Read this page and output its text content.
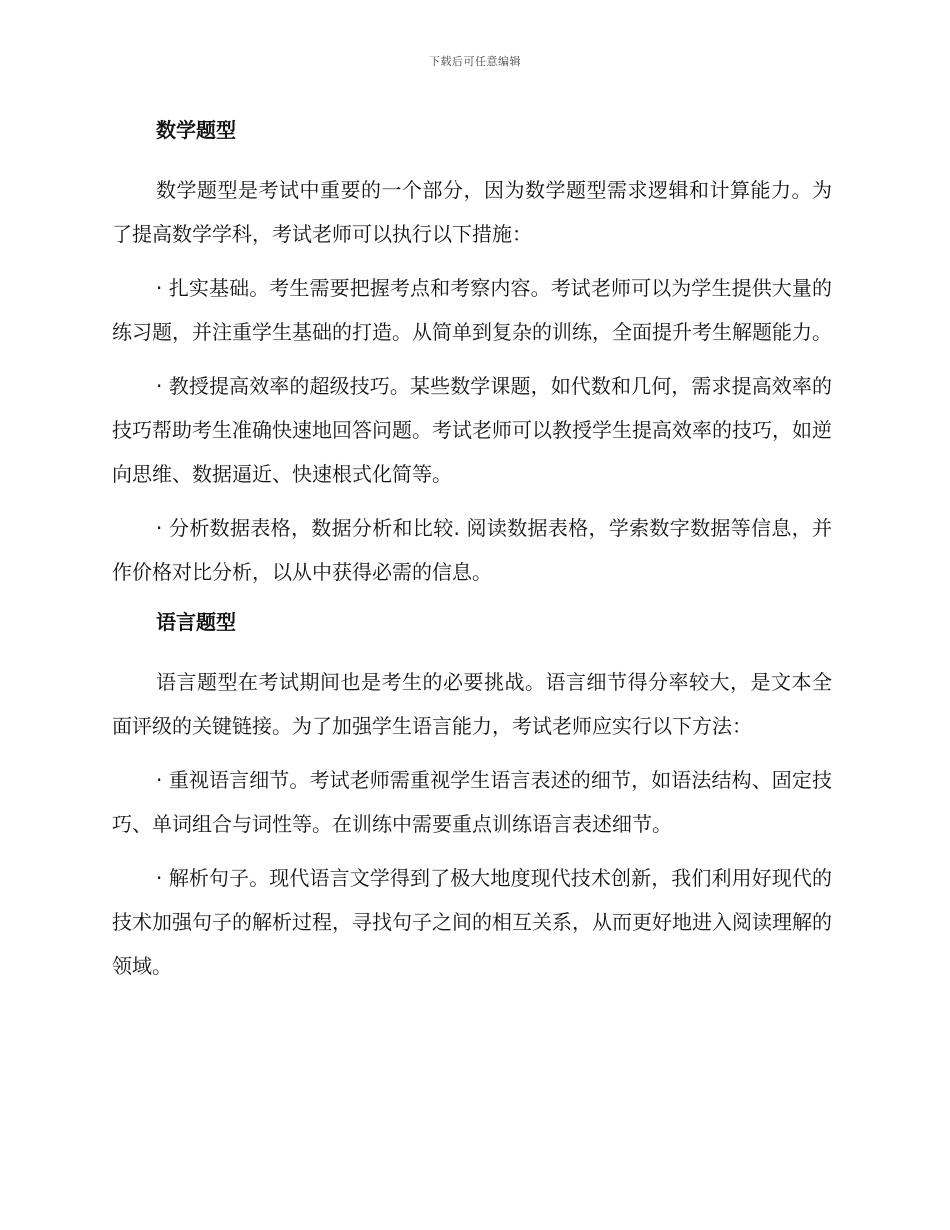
下载后可任意编辑
数学题型

数学题型是考试中重要的一个部分，因为数学题型需求逻辑和计算能力。为了提高数学学科，考试老师可以执行以下措施：

· 扎实基础。考生需要把握考点和考察内容。考试老师可以为学生提供大量的练习题，并注重学生基础的打造。从简单到复杂的训练，全面提升考生解题能力。

· 教授提高效率的超级技巧。某些数学课题，如代数和几何，需求提高效率的技巧帮助考生准确快速地回答问题。考试老师可以教授学生提高效率的技巧，如逆向思维、数据逼近、快速根式化简等。

· 分析数据表格，数据分析和比较. 阅读数据表格，学索数字数据等信息，并作价格对比分析，以从中获得必需的信息。

语言题型

语言题型在考试期间也是考生的必要挑战。语言细节得分率较大，是文本全面评级的关键链接。为了加强学生语言能力，考试老师应实行以下方法：

· 重视语言细节。考试老师需重视学生语言表述的细节，如语法结构、固定技巧、单词组合与词性等。在训练中需要重点训练语言表述细节。

· 解析句子。现代语言文学得到了极大地度现代技术创新，我们利用好现代的技术加强句子的解析过程，寻找句子之间的相互关系，从而更好地进入阅读理解的领域。
